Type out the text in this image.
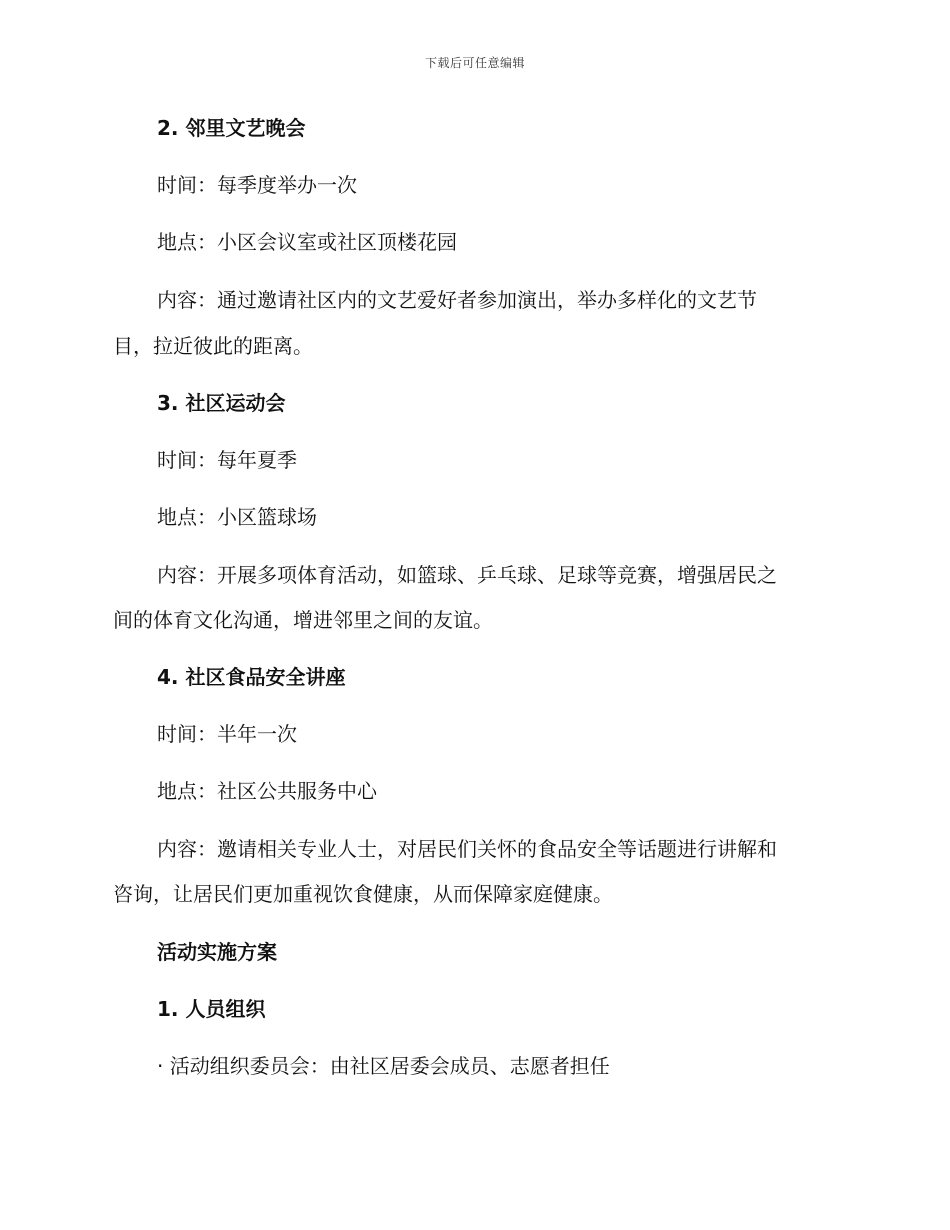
下载后可任意编辑
2. 邻里文艺晚会
时间：每季度举办一次
地点：小区会议室或社区顶楼花园
内容：通过邀请社区内的文艺爱好者参加演出，举办多样化的文艺节
目，拉近彼此的距离。
3. 社区运动会
时间：每年夏季
地点：小区篮球场
内容：开展多项体育活动，如篮球、乒乓球、足球等竞赛，增强居民之
间的体育文化沟通，增进邻里之间的友谊。
4. 社区食品安全讲座
时间：半年一次
地点：社区公共服务中心
内容：邀请相关专业人士，对居民们关怀的食品安全等话题进行讲解和
咨询，让居民们更加重视饮食健康，从而保障家庭健康。
活动实施方案
1. 人员组织
· 活动组织委员会：由社区居委会成员、志愿者担任
